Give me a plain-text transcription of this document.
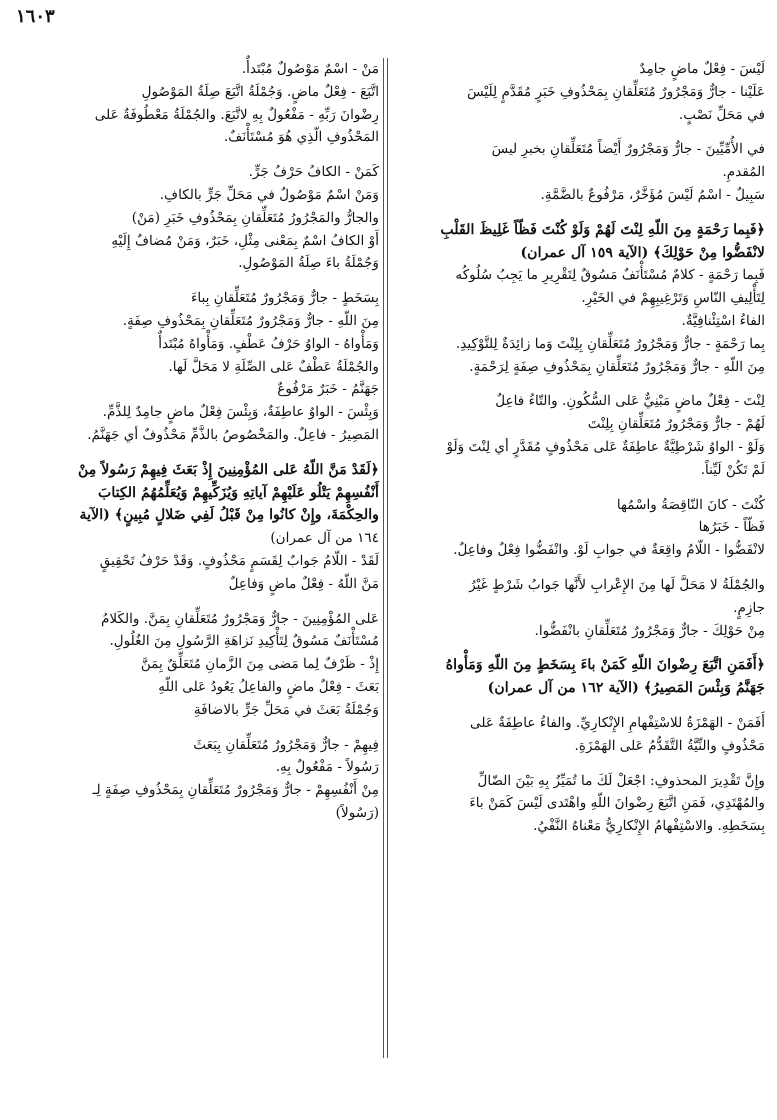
١٦٠٣
لَيْسَ - فِعْلٌ ماضٍ جامِدٌ
عَلَيْنا - جارٌّ وَمَجْرُورٌ مُتَعَلِّقانِ بِمَحْذُوفِ خَبَرٍ مُقَدَّمٍ لِلَيْسَ
في مَحَلِّ نَصْبٍ.
في الأُمِّيِّينَ - جارٌّ وَمَجْرُورٌ أَيْضاً مُتَعَلِّقانِ بخبرِ ليسَ
المُقدمِ.
سَبِيلٌ - اسْمُ لَيْسَ مُؤَخَّرٌ، مَرْفُوعٌ بالضَّمَّةِ.
﴿فَبِما رَحْمَةٍ مِنَ اللّهِ لِنْتَ لَهُمْ وَلَوْ كُنْتَ فَظّاً غَلِيظَ القَلْبِ
لانْفَضُّوا مِنْ حَوْلِكَ﴾ (الآية ١٥٩ آل عمران)
فَبِما رَحْمَةٍ - كلامٌ مُسْتَأْنَفٌ مَسُوقٌ لِتَقْرِيرِ ما يَجِبُ سُلُوكُه
لِتَأْلِيفِ النّاسِ وَتَرْغِيبِهِمْ في الخَيْرِ.
الفاءُ اسْتِئْنافِيَّةٌ.
بِما رَحْمَةٍ - جارٌّ وَمَجْرُورٌ مُتَعَلِّقانِ بِلِنْتَ وَما زائِدَةٌ لِلتَّوْكِيدِ.
مِنَ اللّهِ - جارٌّ وَمَجْرُورٌ مُتَعَلِّقانِ بِمَحْذُوفِ صِفَةٍ لِرَحْمَةٍ.
لِنْتَ - فِعْلٌ ماضٍ مَبْنِيٌّ عَلى السُّكُونِ. والتّاءُ فاعِلٌ
لَهُمْ - جارٌّ وَمَجْرُورٌ مُتَعَلِّقانِ بِلِنْتَ
وَلَوْ - الواوُ شَرْطِيَّةٌ عاطِفَةٌ عَلى مَحْذُوفٍ مُقَدَّرٍ أي لِنْتَ وَلَوْ
لَمْ تَكُنْ لَيِّناً.
كُنْتَ - كانَ النّاقِصَةُ واسْمُها
فَظّاً - خَبَرُها
لانْفَضُّوا - اللّامُ واقِعَةٌ في جوابِ لَوْ. وانْفَضُّوا فِعْلٌ وفاعِلٌ.
والجُمْلَةُ لا مَحَلَّ لَها مِنَ الإِعْرابِ لأَنَّها جَوابُ شَرْطٍ غَيْرُ
جازِمٍ.
مِنْ حَوْلِكَ - جارٌّ وَمَجْرُورٌ مُتَعَلِّقانِ بانْفَضُّوا.
﴿أَفَمَنِ اتَّبَعَ رِضْوانَ اللّهِ كَمَنْ باءَ بِسَخَطٍ مِنَ اللّهِ وَمَأْواهُ
جَهَنَّمُ وَبِئْسَ المَصِيرُ﴾ (الآية ١٦٢ من آل عمران)
أَفَمَنْ - الهَمْزَةُ للاسْتِفْهامِ الإِنْكارِيِّ. والفاءُ عاطِفَةٌ عَلى
مَحْذُوفٍ والنِّيَّةُ التَّقَدُّمُ عَلى الهَمْزَةِ.
وإِنَّ تَقْدِيرَ المحذوفِ: اجْعَلْ لَكَ ما تُمَيِّزُ بِهِ بَيْنَ الضّالِّ
والمُهْتَدِي، فَمَنِ اتَّبَعَ رِضْوانَ اللّهِ واهْتَدى لَيْسَ كَمَنْ باءَ
بِسَخَطِهِ. والاسْتِفْهامُ الإِنْكارِيُّ مَعْناهُ النَّفْيُ.
مَنْ - اسْمٌ مَوْصُولٌ مُبْتَدأٌ.
اتَّبَعَ - فِعْلٌ ماضٍ. وَجُمْلَةُ اتَّبَعَ صِلَةُ المَوْصُولِ
رِضْوانَ رَبِّهِ - مَفْعُولٌ بِهِ لاتَّبَعَ. والجُمْلَةُ مَعْطُوفَةٌ عَلى
المَحْذُوفِ الّذِي هُوَ مُسْتَأْنَفٌ.
كَمَنْ - الكافُ حَرْفُ جَرٍّ.
وَمَنْ اسْمٌ مَوْصُولٌ في مَحَلِّ جَرٍّ بالكافِ.
والجارُّ والمَجْرُورُ مُتَعَلِّقانِ بِمَحْذُوفِ خَبَرِ (مَنْ)
أَوْ الكافُ اسْمٌ بِمَعْنى مِثْلِ، خَبَرٌ، وَمَنْ مُضافٌ إِلَيْهِ
وَجُمْلَةُ باءَ صِلَةُ المَوْصُولِ.
بِسَخَطٍ - جارٌّ وَمَجْرُورٌ مُتَعَلِّقانِ بِباءَ
مِنَ اللّهِ - جارٌّ وَمَجْرُورٌ مُتَعَلِّقانِ بِمَحْذُوفِ صِفَةٍ.
وَمَأْواهُ - الواوُ حَرْفُ عَطْفٍ. وَمَأْواهُ مُبْتَدأٌ
والجُمْلَةُ عَطْفٌ عَلى الصِّلَةِ لا مَحَلَّ لَها.
جَهَنَّمُ - خَبَرٌ مَرْفُوعٌ
وَبِئْسَ - الواوُ عاطِفَةٌ، وَبِئْسَ فِعْلٌ ماضٍ جامِدٌ لِلذَّمِّ.
المَصِيرُ - فاعِلٌ. والمَخْصُوصُ بالذَّمِّ مَحْذُوفٌ أي جَهَنَّمُ.
﴿لَقَدْ مَنَّ اللّهُ عَلى المُؤْمِنِينَ إِذْ بَعَثَ فِيهِمْ رَسُولاً مِنْ
أَنْفُسِهِمْ يَتْلُو عَلَيْهِمْ آياتِهِ وَيُزَكِّيهِمْ وَيُعَلِّمُهُمُ الكِتابَ
والحِكْمَةَ، وإِنْ كانُوا مِنْ قَبْلُ لَفِي ضَلالٍ مُبِينٍ﴾ (الآية
١٦٤ من آل عمران)
لَقَدْ - اللّامُ جَوابٌ لِقَسَمٍ مَحْذُوفٍ. وَقَدْ حَرْفُ تَحْقِيقٍ
مَنَّ اللّهُ - فِعْلٌ ماضٍ وَفاعِلٌ
عَلى المُؤْمِنِينَ - جارٌّ وَمَجْرُورٌ مُتَعَلِّقانِ بِمَنَّ. والكَلامُ
مُسْتَأْنَفٌ مَسُوقٌ لِتَأْكِيدِ نَزاهَةِ الرَّسُولِ مِنَ الغُلُولِ.
إِذْ - ظَرْفٌ لِما مَضى مِنَ الزَّمانِ مُتَعَلِّقٌ بِمَنَّ
بَعَثَ - فِعْلٌ ماضٍ والفاعِلُ يَعُودُ عَلى اللّهِ
وَجُمْلَةُ بَعَثَ في مَحَلِّ جَرٍّ بالاضافَةِ
فِيهِمْ - جارٌّ وَمَجْرُورٌ مُتَعَلِّقانِ بِبَعَثَ
رَسُولاً - مَفْعُولٌ بِهِ.
مِنْ أَنْفُسِهِمْ - جارٌّ وَمَجْرُورٌ مُتَعَلِّقانِ بِمَحْذُوفِ صِفَةٍ لِـ
(رَسُولاً)
